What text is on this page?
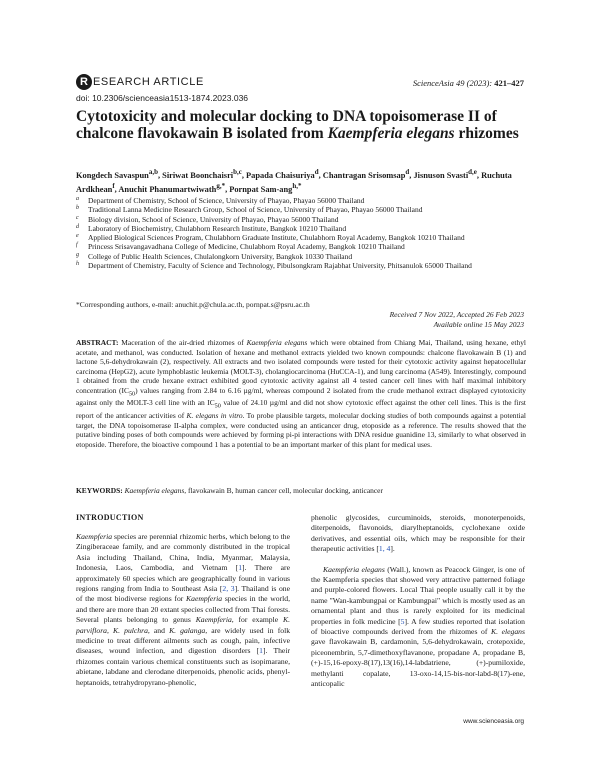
R ESEARCH ARTICLE	ScienceAsia 49 (2023): 421–427
doi: 10.2306/scienceasia1513-1874.2023.036
Cytotoxicity and molecular docking to DNA topoisomerase II of chalcone flavokawain B isolated from Kaempferia elegans rhizomes
Kongdech Savaspun$^{a,b}$, Siriwat Boonchaisri$^{b,c}$, Papada Chaisuriya$^d$, Chantragan Srisomsap$^d$, Jisnuson Svasti$^{d,e}$, Ruchuta Ardkhean$^f$, Anuchit Phanumartwiwath$^{g,*}$, Pornpat Sam-ang$^{h,*}$
a Department of Chemistry, School of Science, University of Phayao, Phayao 56000 Thailand
b Traditional Lanna Medicine Research Group, School of Science, University of Phayao, Phayao 56000 Thailand
c Biology division, School of Science, University of Phayao, Phayao 56000 Thailand
d Laboratory of Biochemistry, Chulabhorn Research Institute, Bangkok 10210 Thailand
e Applied Biological Sciences Program, Chulabhorn Graduate Institute, Chulabhorn Royal Academy, Bangkok 10210 Thailand
f Princess Srisavangavadhana College of Medicine, Chulabhorn Royal Academy, Bangkok 10210 Thailand
g College of Public Health Sciences, Chulalongkorn University, Bangkok 10330 Thailand
h Department of Chemistry, Faculty of Science and Technology, Pibulsongkram Rajabhat University, Phitsanulok 65000 Thailand
*Corresponding authors, e-mail: anuchit.p@chula.ac.th, pornpat.s@psru.ac.th
Received 7 Nov 2022, Accepted 26 Feb 2023
Available online 15 May 2023
ABSTRACT: Maceration of the air-dried rhizomes of Kaempferia elegans which were obtained from Chiang Mai, Thailand, using hexane, ethyl acetate, and methanol, was conducted. Isolation of hexane and methanol extracts yielded two known compounds: chalcone flavokawain B (1) and lactone 5,6-dehydrokawain (2), respectively. All extracts and two isolated compounds were tested for their cytotoxic activity against hepatocellular carcinoma (HepG2), acute lymphoblastic leukemia (MOLT-3), cholangiocarcinoma (HuCCA-1), and lung carcinoma (A549). Interestingly, compound 1 obtained from the crude hexane extract exhibited good cytotoxic activity against all 4 tested cancer cell lines with half maximal inhibitory concentration $(IC_{50})$ values ranging from 2.84 to 6.16 µg/ml, whereas compound 2 isolated from the crude methanol extract displayed cytotoxicity against only the MOLT-3 cell line with an $IC_{50}$ value of 24.10 µg/ml and did not show cytotoxic effect against the other cell lines. This is the first report of the anticancer activities of K. elegans in vitro. To probe plausible targets, molecular docking studies of both compounds against a potential target, the DNA topoisomerase II-alpha complex, were conducted using an anticancer drug, etoposide as a reference. The results showed that the putative binding poses of both compounds were achieved by forming pi-pi interactions with DNA residue guanidine 13, similarly to what observed in etoposide. Therefore, the bioactive compound 1 has a potential to be an important marker of this plant for medical uses.
KEYWORDS: Kaempferia elegans, flavokawain B, human cancer cell, molecular docking, anticancer
INTRODUCTION

Kaempferia species are perennial rhizomic herbs, which belong to the Zingiberaceae family, and are commonly distributed in the tropical Asia including Thailand, China, India, Myanmar, Malaysia, Indonesia, Laos, Cambodia, and Vietnam [1]. There are approximately 60 species which are geographically found in various regions ranging from India to Southeast Asia [2, 3]. Thailand is one of the most biodiverse regions for Kaempferia species in the world, and there are more than 20 extant species collected from Thai forests. Several plants belonging to genus Kaempferia, for example K. parviflora, K. pulchra, and K. galanga, are widely used in folk medicine to treat different ailments such as cough, pain, infective diseases, wound infection, and digestion disorders [1]. Their rhizomes contain various chemical constituents such as isopimarane, abietane, labdane and clerodane diterpenoids, phenolic acids, phenyl-heptanoids, tetrahydropyrano-phenolic,

phenolic glycosides, curcuminoids, steroids, monoterpenoids, diterpenoids, flavonoids, diarylheptanoids, cyclohexane oxide derivatives, and essential oils, which may be responsible for their therapeutic activities [1, 4].

Kaempferia elegans (Wall.), known as Peacock Ginger, is one of the Kaempferia species that showed very attractive patterned foliage and purple-colored flowers. Local Thai people usually call it by the name "Wan-kambungpai or Kambungpai" which is mostly used as an ornamental plant and thus is rarely exploited for its medicinal properties in folk medicine [5]. A few studies reported that isolation of bioactive compounds derived from the rhizomes of K. elegans gave flavokawain B, cardamonin, 5,6-dehydrokawain, crotepoxide, piceonembrin, 5,7-dimethoxyflavanone, propadane A, propadane B, (+)-15,16-epoxy-8(17),13(16),14-labdatriene, (+)-pumiloxide, methylanti copalate, 13-oxo-14,15-bis-nor-labd-8(17)-ene, anticopalic

www.scienceasia.org
